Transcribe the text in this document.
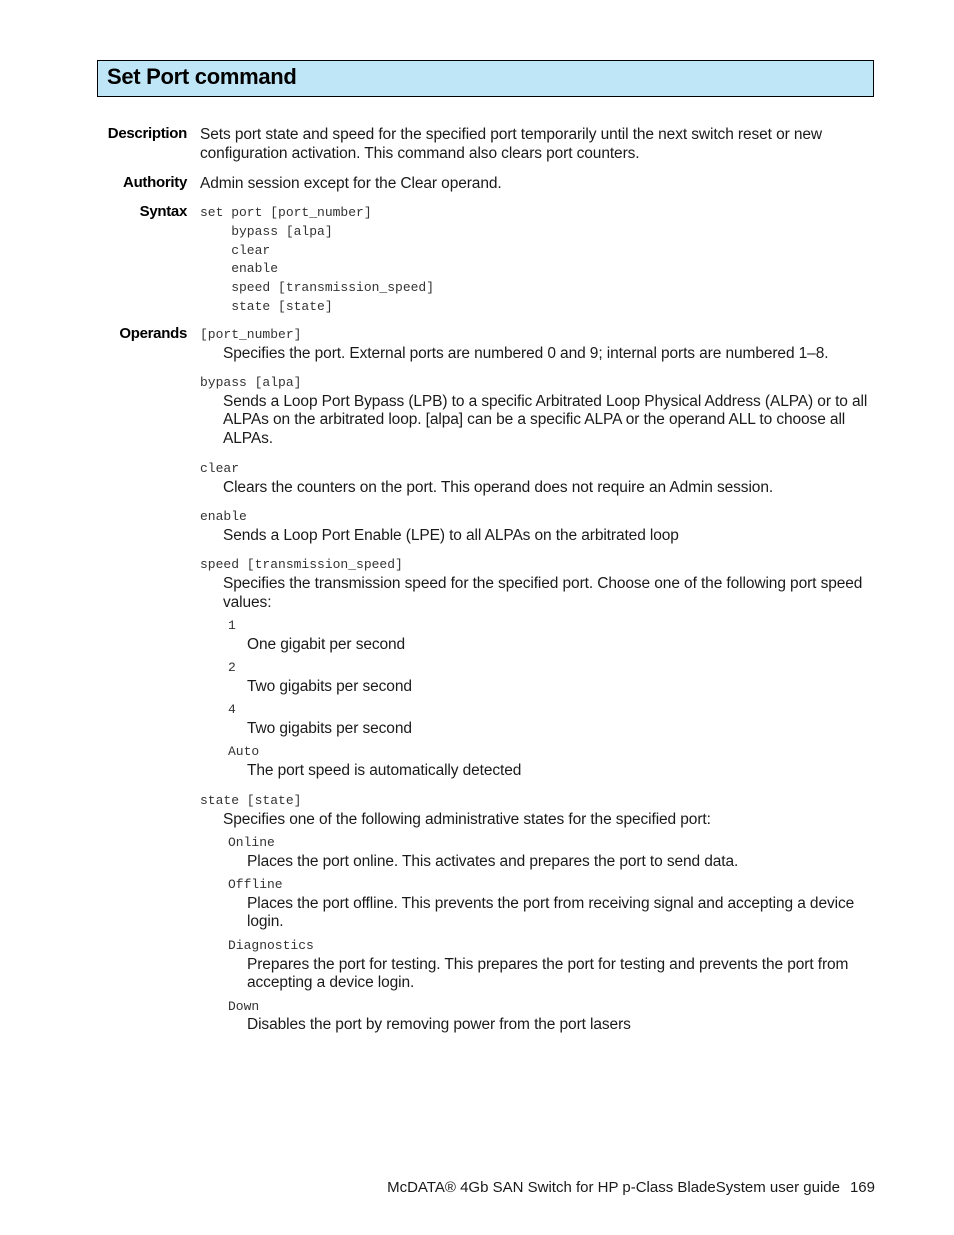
Set Port command
Description Sets port state and speed for the specified port temporarily until the next switch reset or new
configuration activation. This command also clears port counters.
Authority Admin session except for the Clear operand.
Syntax set port [port_number]
bypass [alpa]
clear
enable
speed [transmission_speed]
state [state]
Operands [port_number]
Specifies the port. External ports are numbered 0 and 9; internal ports are numbered 1–8.
bypass [alpa]
Sends a Loop Port Bypass (LPB) to a specific Arbitrated Loop Physical Address (ALPA) or to all
ALPAs on the arbitrated loop. [alpa] can be a specific ALPA or the operand ALL to choose all
ALPAs.
clear
Clears the counters on the port. This operand does not require an Admin session.
enable
Sends a Loop Port Enable (LPE) to all ALPAs on the arbitrated loop
speed [transmission_speed]
Specifies the transmission speed for the specified port. Choose one of the following port speed
values:
1
One gigabit per second
2
Two gigabits per second
4
Two gigabits per second
Auto
The port speed is automatically detected
state [state]
Specifies one of the following administrative states for the specified port:
Online
Places the port online. This activates and prepares the port to send data.
Offline
Places the port offline. This prevents the port from receiving signal and accepting a device
login.
Diagnostics
Prepares the port for testing. This prepares the port for testing and prevents the port from
accepting a device login.
Down
Disables the port by removing power from the port lasers
McDATA® 4Gb SAN Switch for HP p-Class BladeSystem user guide 169
